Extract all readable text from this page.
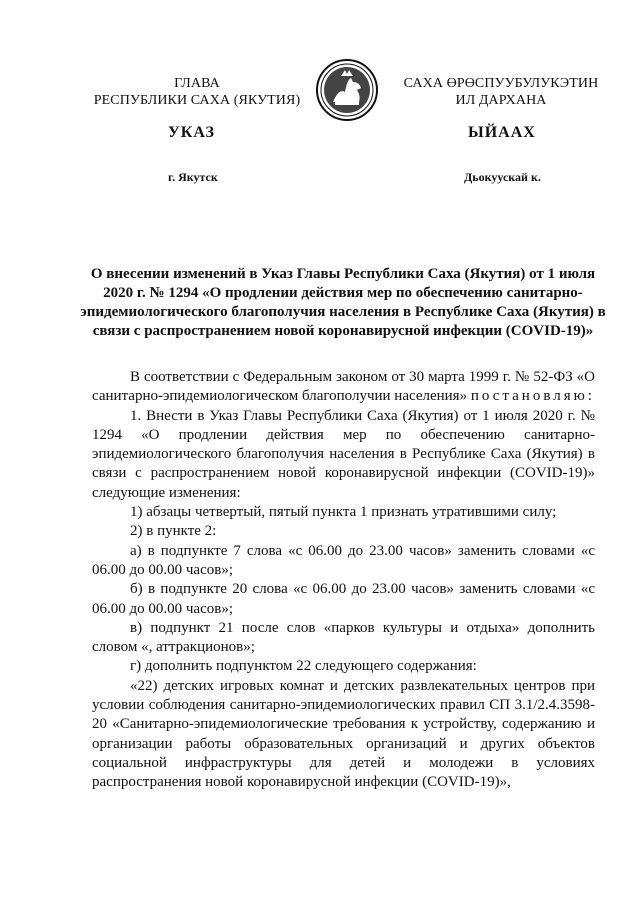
ГЛАВА
РЕСПУБЛИКИ САХА (ЯКУТИЯ)
САХА ӨРӨСПУУБУЛУКЭТИН
ИЛ ДАРХАНА
УКАЗ	ЫЙААХ
г. Якутск	Дьокуускай к.
О внесении изменений в Указ Главы Республики Саха (Якутия) от 1 июля 2020 г. № 1294 «О продлении действия мер по обеспечению санитарно-эпидемиологического благополучия населения в Республике Саха (Якутия) в связи с распространением новой коронавирусной инфекции (COVID-19)»

В соответствии с Федеральным законом от 30 марта 1999 г. № 52-ФЗ «О санитарно-эпидемиологическом благополучии населения» постановляю:

1. Внести в Указ Главы Республики Саха (Якутия) от 1 июля 2020 г. № 1294 «О продлении действия мер по обеспечению санитарно-эпидемиологического благополучия населения в Республике Саха (Якутия) в связи с распространением новой коронавирусной инфекции (COVID-19)» следующие изменения:

1) абзацы четвертый, пятый пункта 1 признать утратившими силу;

2) в пункте 2:

а) в подпункте 7 слова «с 06.00 до 23.00 часов» заменить словами «с 06.00 до 00.00 часов»;

б) в подпункте 20 слова «с 06.00 до 23.00 часов» заменить словами «с 06.00 до 00.00 часов»;

в) подпункт 21 после слов «парков культуры и отдыха» дополнить словом «, аттракционов»;

г) дополнить подпунктом 22 следующего содержания:

«22) детских игровых комнат и детских развлекательных центров при условии соблюдения санитарно-эпидемиологических правил СП 3.1/2.4.3598-20 «Санитарно-эпидемиологические требования к устройству, содержанию и организации работы образовательных организаций и других объектов социальной инфраструктуры для детей и молодежи в условиях распространения новой коронавирусной инфекции (COVID-19)»,
